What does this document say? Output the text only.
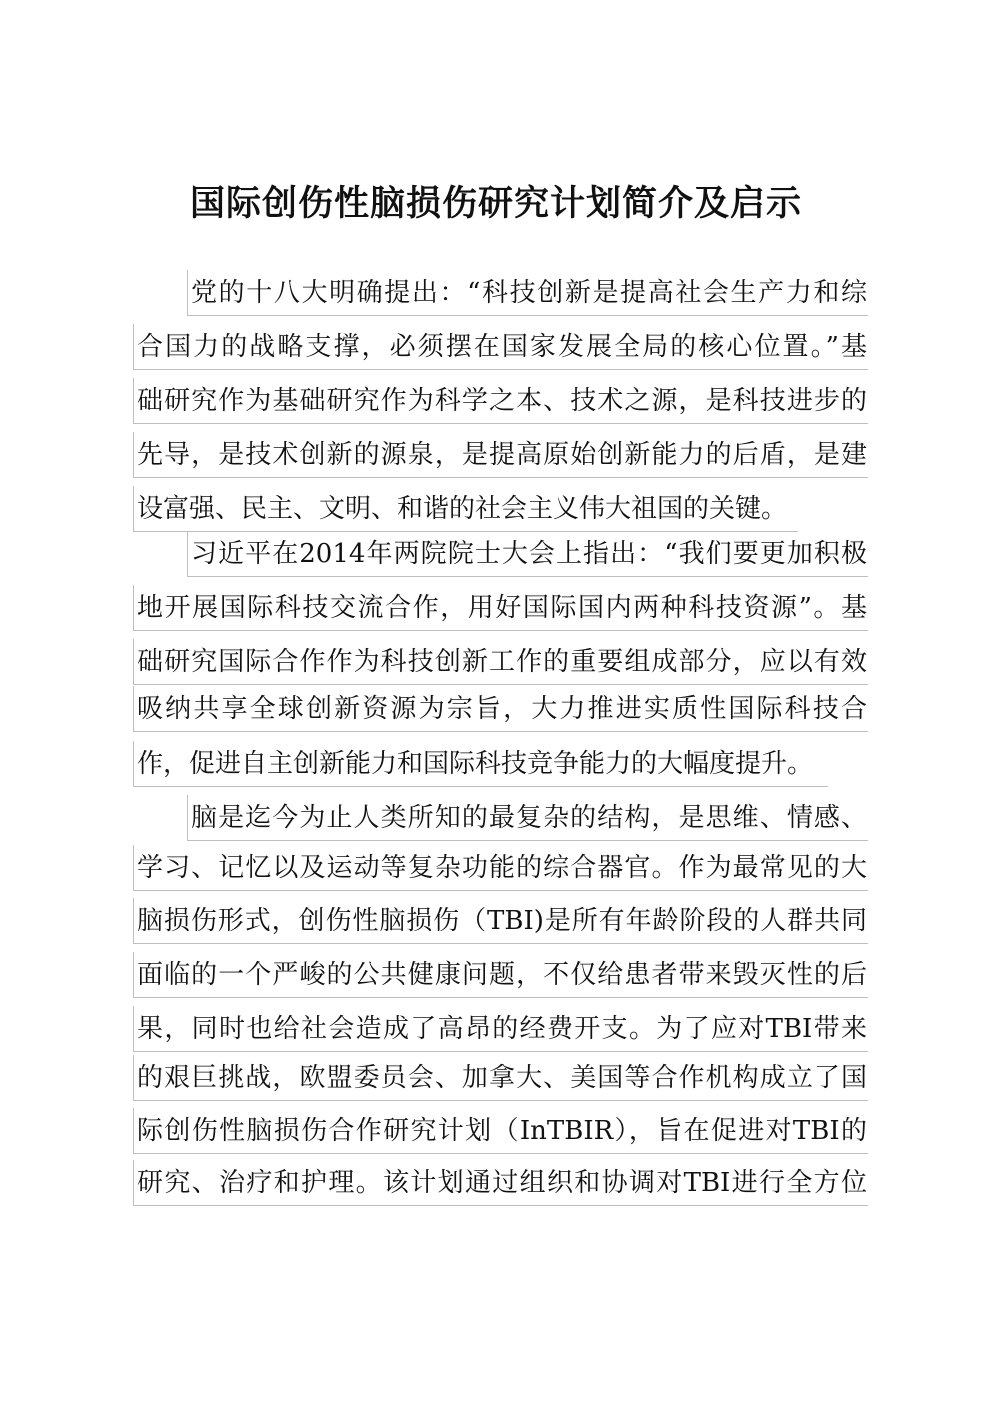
国际创伤性脑损伤研究计划简介及启示
党的十八大明确提出：“科技创新是提高社会生产力和综
合国力的战略支撑，必须摆在国家发展全局的核心位置。”基
础研究作为基础研究作为科学之本、技术之源，是科技进步的
先导，是技术创新的源泉，是提高原始创新能力的后盾，是建
设富强、民主、文明、和谐的社会主义伟大祖国的关键。
习近平在2014年两院院士大会上指出：“我们要更加积极
地开展国际科技交流合作，用好国际国内两种科技资源”。基
础研究国际合作作为科技创新工作的重要组成部分，应以有效
吸纳共享全球创新资源为宗旨，大力推进实质性国际科技合
作，促进自主创新能力和国际科技竞争能力的大幅度提升。
脑是迄今为止人类所知的最复杂的结构，是思维、情感、
学习、记忆以及运动等复杂功能的综合器官。作为最常见的大
脑损伤形式，创伤性脑损伤（TBI)是所有年龄阶段的人群共同
面临的一个严峻的公共健康问题，不仅给患者带来毁灭性的后
果，同时也给社会造成了高昂的经费开支。为了应对TBI带来
的艰巨挑战，欧盟委员会、加拿大、美国等合作机构成立了国
际创伤性脑损伤合作研究计划（InTBIR），旨在促进对TBI的
研究、治疗和护理。该计划通过组织和协调对TBI进行全方位
